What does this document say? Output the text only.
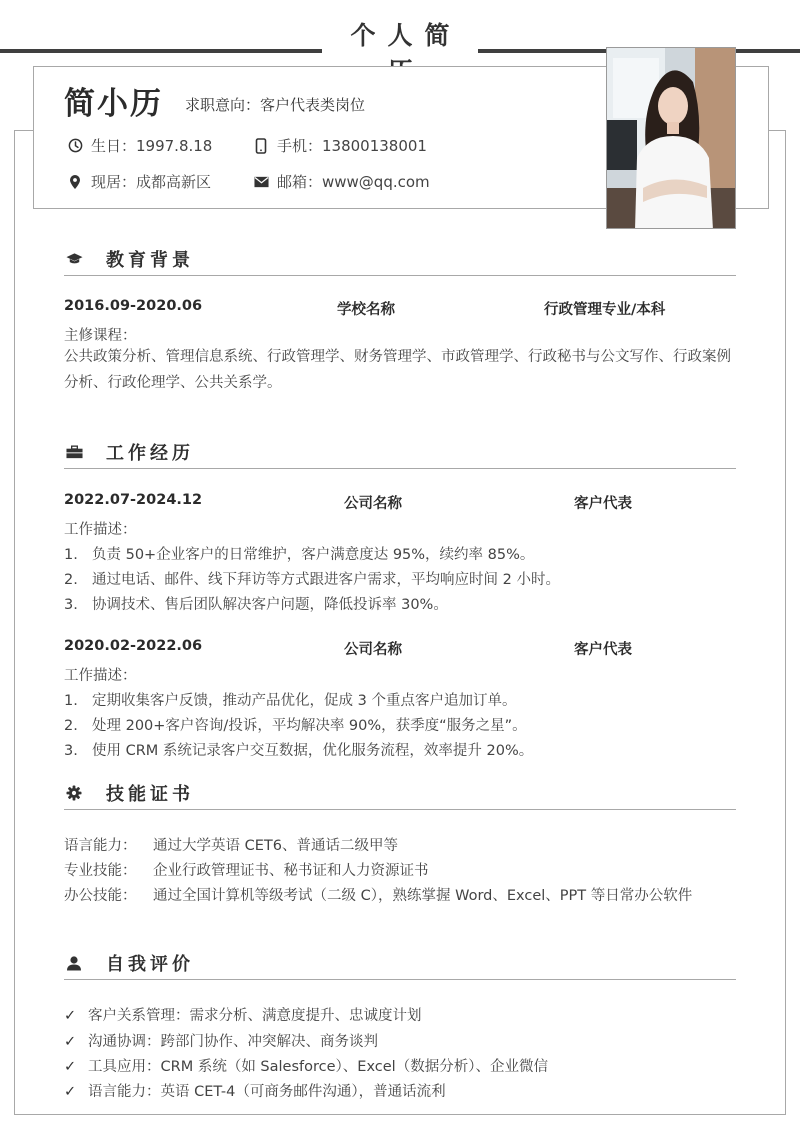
个人简
简小历 求职意向：客户代表类岗位
生日：1997.8.18	手机：13800138001
现居：成都高新区	邮箱：www@qq.com
教育背景
2016.09-2020.06	学校名称	行政管理专业/本科
主修课程：
公共政策分析、管理信息系统、行政管理学、财务管理学、市政管理学、行政秘书与公文写作、行政案例分析、行政伦理学、公共关系学。
工作经历
2022.07-2024.12	公司名称	客户代表
工作描述：
1. 负责 50+企业客户的日常维护，客户满意度达 95%，续约率 85%。
2. 通过电话、邮件、线下拜访等方式跟进客户需求，平均响应时间 2 小时。
3. 协调技术、售后团队解决客户问题，降低投诉率 30%。
2020.02-2022.06	公司名称	客户代表
工作描述：
1. 定期收集客户反馈，推动产品优化，促成 3 个重点客户追加订单。
2. 处理 200+客户咨询/投诉，平均解决率 90%，获季度“服务之星”。
3. 使用 CRM 系统记录客户交互数据，优化服务流程，效率提升 20%。
技能证书
语言能力： 通过大学英语 CET6、普通话二级甲等
专业技能： 企业行政管理证书、秘书证和人力资源证书
办公技能： 通过全国计算机等级考试（二级 C），熟练掌握 Word、Excel、PPT 等日常办公软件
自我评价
✓ 客户关系管理：需求分析、满意度提升、忠诚度计划
✓ 沟通协调：跨部门协作、冲突解决、商务谈判
✓ 工具应用：CRM 系统（如 Salesforce）、Excel（数据分析）、企业微信
✓ 语言能力：英语 CET-4（可商务邮件沟通），普通话流利
